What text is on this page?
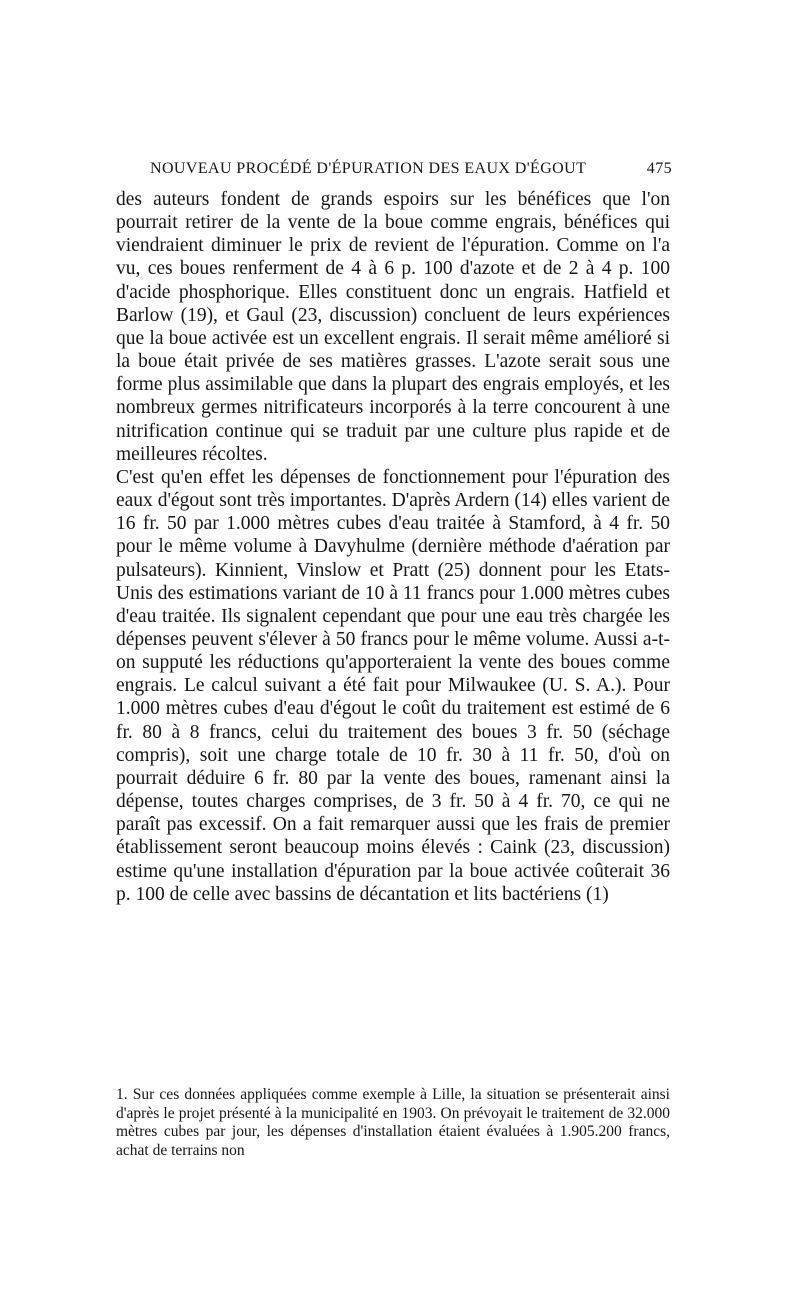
NOUVEAU PROCÉDÉ D'ÉPURATION DES EAUX D'ÉGOUT	475

des auteurs fondent de grands espoirs sur les bénéfices que l'on pourrait retirer de la vente de la boue comme engrais, bénéfices qui viendraient diminuer le prix de revient de l'épuration. Comme on l'a vu, ces boues renferment de 4 à 6 p. 100 d'azote et de 2 à 4 p. 100 d'acide phosphorique. Elles constituent donc un engrais. Hatfield et Barlow (19), et Gaul (23, discussion) concluent de leurs expériences que la boue activée est un excellent engrais. Il serait même amélioré si la boue était privée de ses matières grasses. L'azote serait sous une forme plus assimilable que dans la plupart des engrais employés, et les nombreux germes nitrificateurs incorporés à la terre concourent à une nitrification continue qui se traduit par une culture plus rapide et de meilleures récoltes.

C'est qu'en effet les dépenses de fonctionnement pour l'épuration des eaux d'égout sont très importantes. D'après Ardern (14) elles varient de 16 fr. 50 par 1.000 mètres cubes d'eau traitée à Stamford, à 4 fr. 50 pour le même volume à Davyhulme (dernière méthode d'aération par pulsateurs). Kinnient, Vinslow et Pratt (25) donnent pour les Etats-Unis des estimations variant de 10 à 11 francs pour 1.000 mètres cubes d'eau traitée. Ils signalent cependant que pour une eau très chargée les dépenses peuvent s'élever à 50 francs pour le même volume. Aussi a-t-on supputé les réductions qu'apporteraient la vente des boues comme engrais. Le calcul suivant a été fait pour Milwaukee (U. S. A.). Pour 1.000 mètres cubes d'eau d'égout le coût du traitement est estimé de 6 fr. 80 à 8 francs, celui du traitement des boues 3 fr. 50 (séchage compris), soit une charge totale de 10 fr. 30 à 11 fr. 50, d'où on pourrait déduire 6 fr. 80 par la vente des boues, ramenant ainsi la dépense, toutes charges comprises, de 3 fr. 50 à 4 fr. 70, ce qui ne paraît pas excessif. On a fait remarquer aussi que les frais de premier établissement seront beaucoup moins élevés : Caink (23, discussion) estime qu'une installation d'épuration par la boue activée coûterait 36 p. 100 de celle avec bassins de décantation et lits bactériens (1)

1. Sur ces données appliquées comme exemple à Lille, la situation se présenterait ainsi d'après le projet présenté à la municipalité en 1903. On prévoyait le traitement de 32.000 mètres cubes par jour, les dépenses d'installation étaient évaluées à 1.905.200 francs, achat de terrains non
